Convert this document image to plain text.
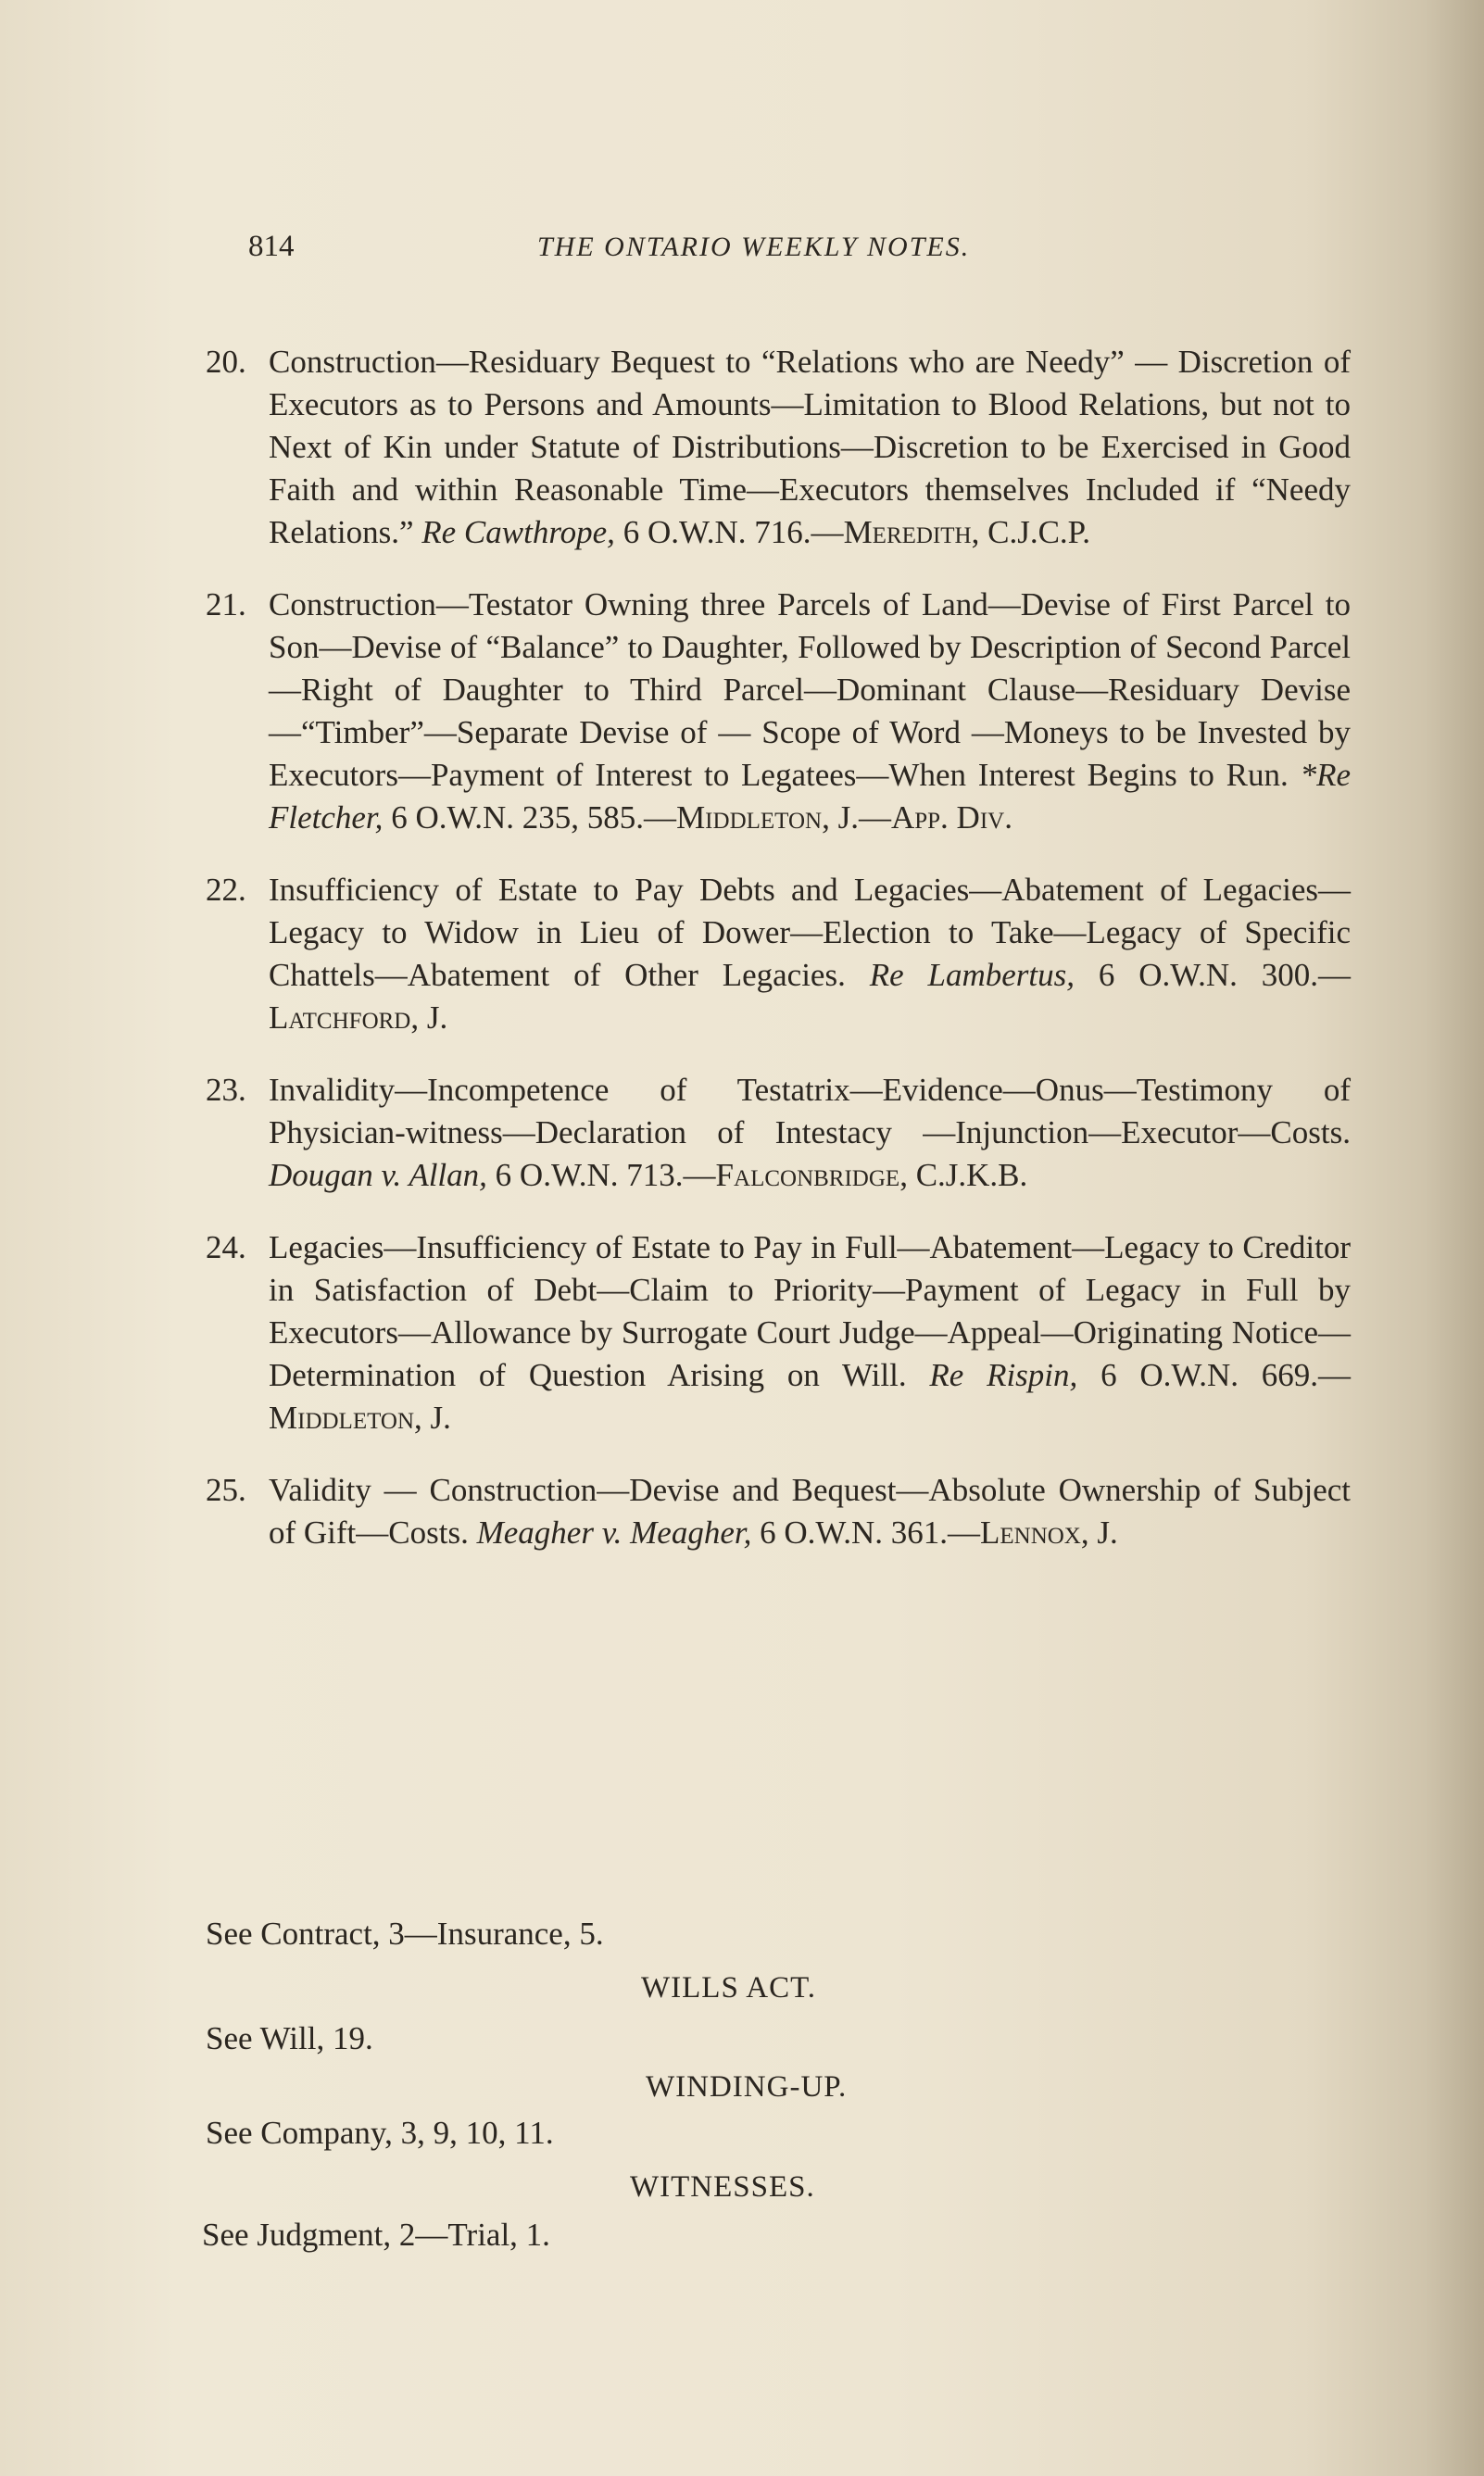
814	THE ONTARIO WEEKLY NOTES.
20. Construction—Residuary Bequest to “Relations who are Needy” — Discretion of Executors as to Persons and Amounts—Limitation to Blood Relations, but not to Next of Kin under Statute of Distributions—Discretion to be Exercised in Good Faith and within Reasonable Time—Executors themselves Included if “Needy Relations.” Re Cawthrope, 6 O.W.N. 716.—Meredith, C.J.C.P.
21. Construction—Testator Owning three Parcels of Land—Devise of First Parcel to Son—Devise of “Balance” to Daughter, Followed by Description of Second Parcel—Right of Daughter to Third Parcel—Dominant Clause—Residuary Devise—“Timber”—Separate Devise of — Scope of Word —Moneys to be Invested by Executors—Payment of Interest to Legatees—When Interest Begins to Run. *Re Fletcher, 6 O.W.N. 235, 585.—Middleton, J.—App. Div.
22. Insufficiency of Estate to Pay Debts and Legacies—Abatement of Legacies—Legacy to Widow in Lieu of Dower—Election to Take—Legacy of Specific Chattels—Abatement of Other Legacies. Re Lambertus, 6 O.W.N. 300.—Latchford, J.
23. Invalidity—Incompetence of Testatrix—Evidence—Onus—Testimony of Physician-witness—Declaration of Intestacy —Injunction—Executor—Costs. Dougan v. Allan, 6 O.W.N. 713.—Falconbridge, C.J.K.B.
24. Legacies—Insufficiency of Estate to Pay in Full—Abatement—Legacy to Creditor in Satisfaction of Debt—Claim to Priority—Payment of Legacy in Full by Executors—Allowance by Surrogate Court Judge—Appeal—Originating Notice—Determination of Question Arising on Will. Re Rispin, 6 O.W.N. 669.—Middleton, J.
25. Validity — Construction—Devise and Bequest—Absolute Ownership of Subject of Gift—Costs. Meagher v. Meagher, 6 O.W.N. 361.—Lennox, J.
See Contract, 3—Insurance, 5.
WILLS ACT.
See Will, 19.
WINDING-UP.
See Company, 3, 9, 10, 11.
WITNESSES.
See Judgment, 2—Trial, 1.
